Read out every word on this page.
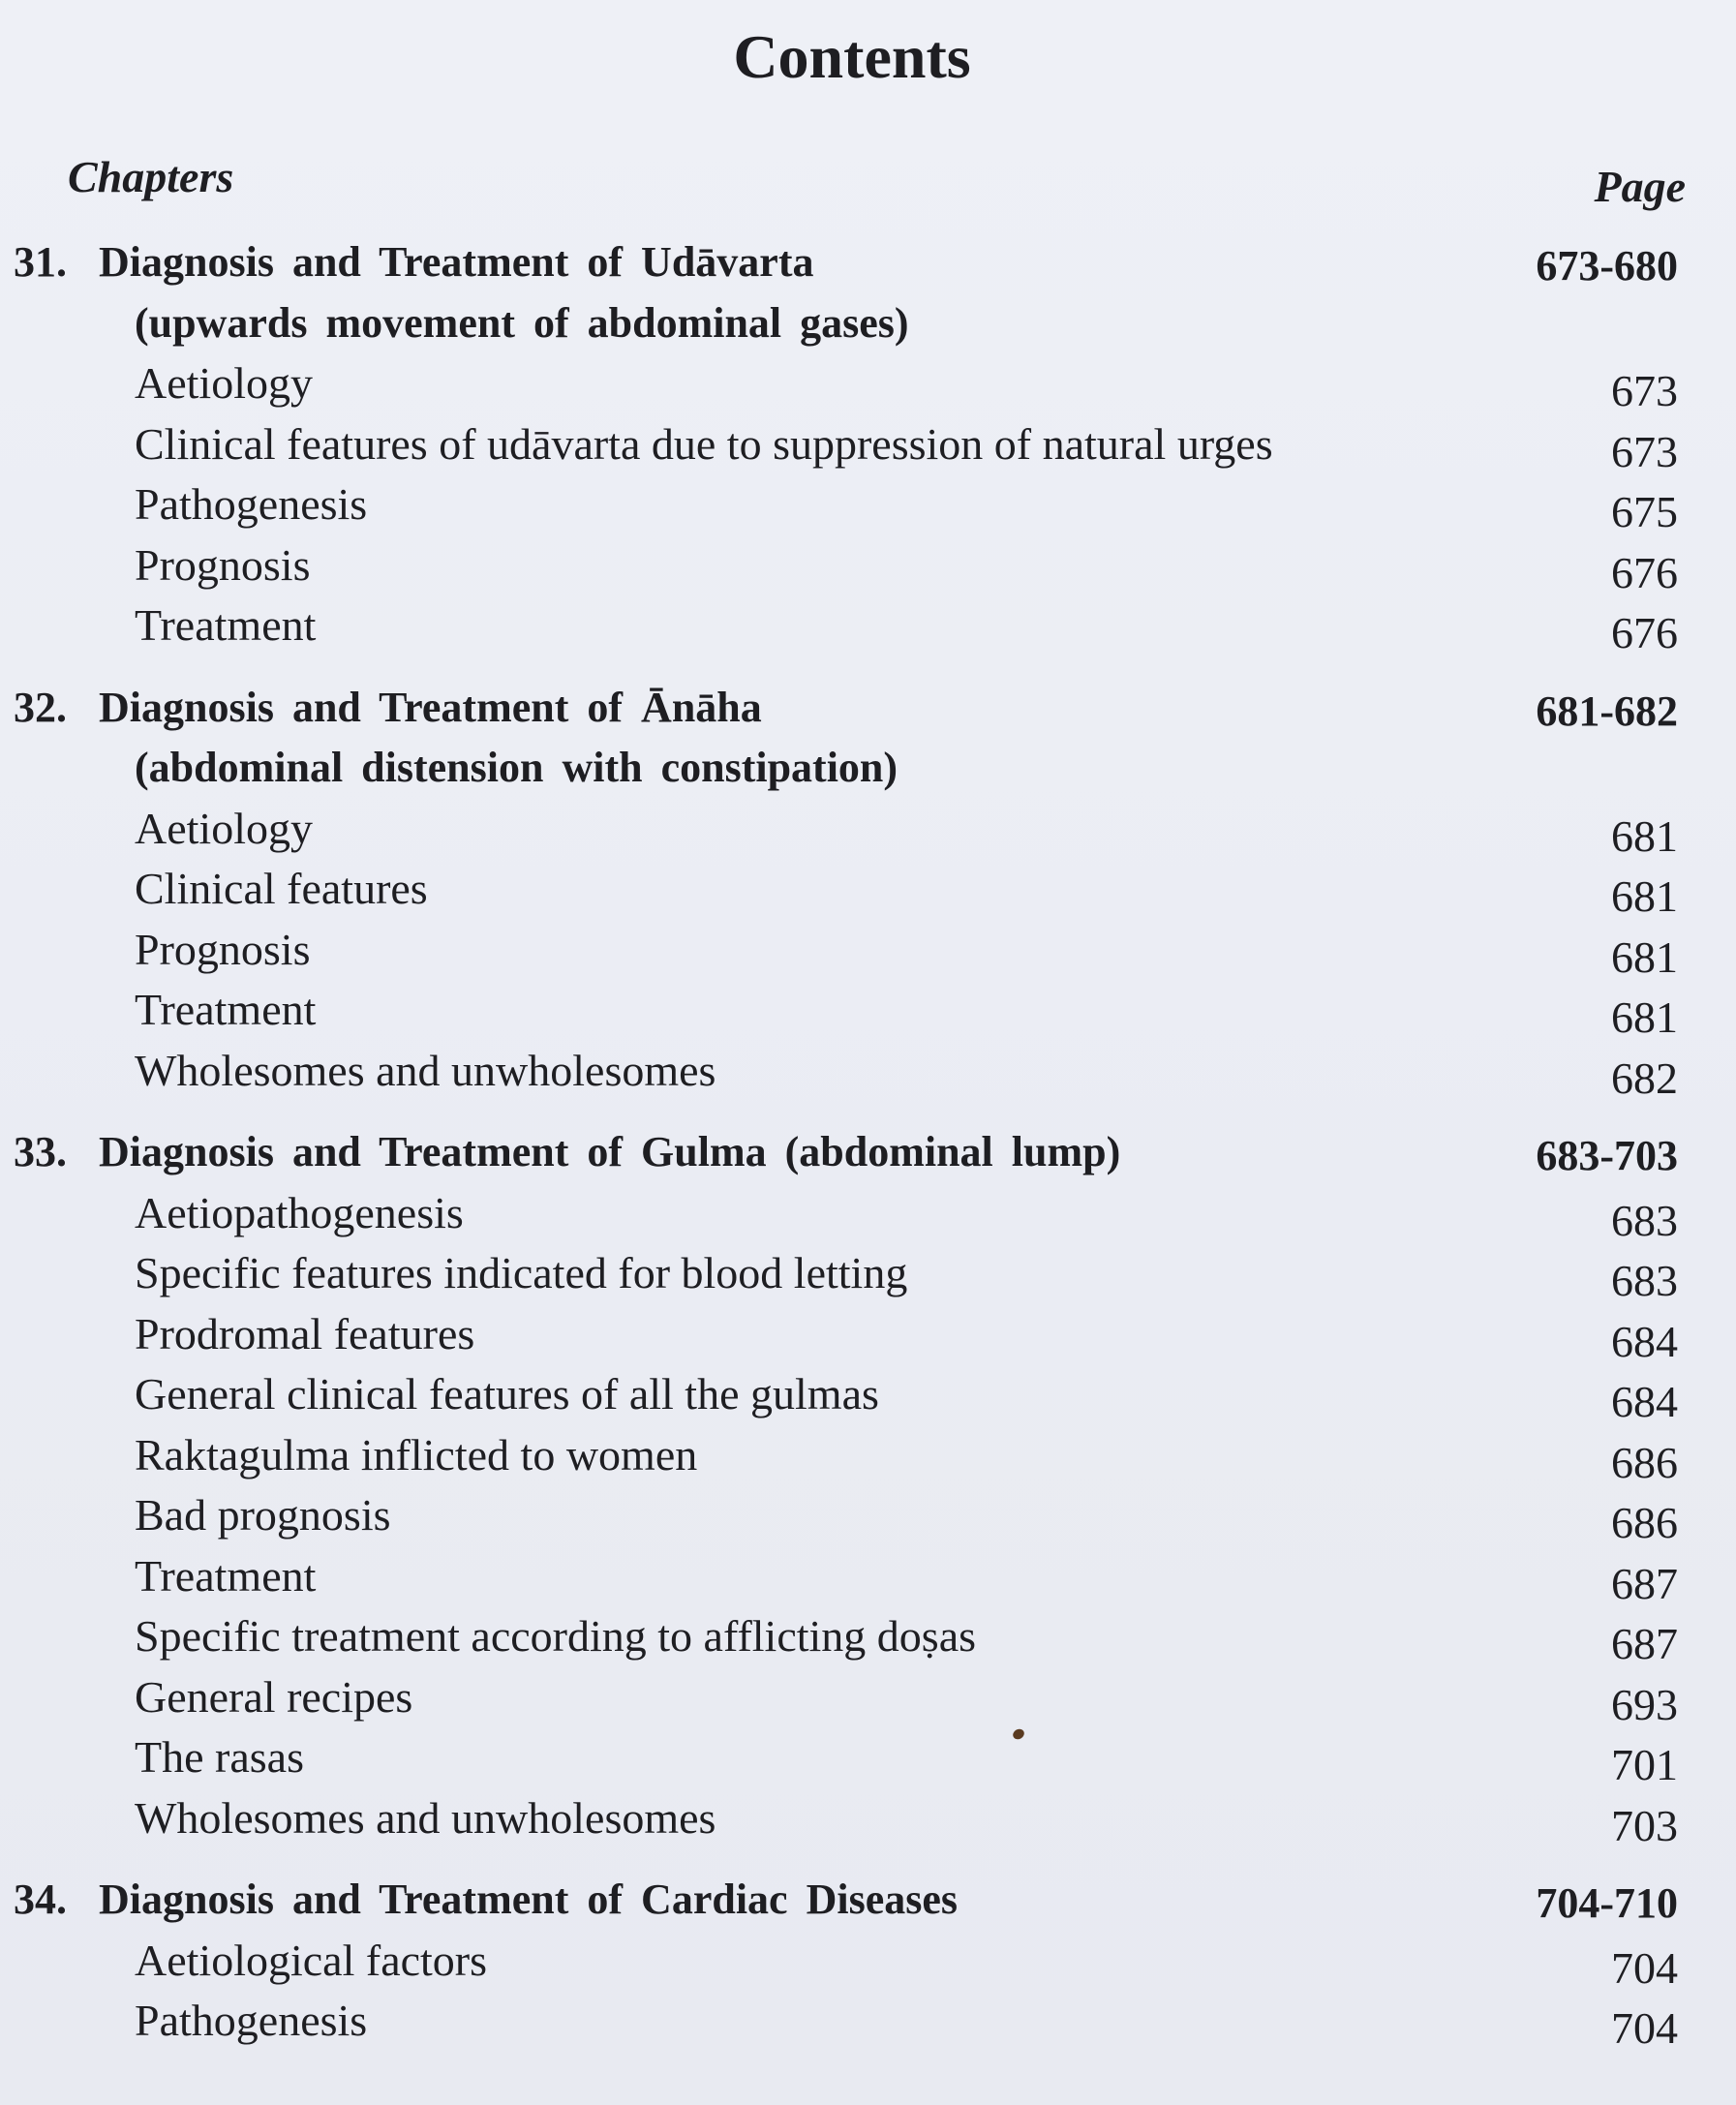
Contents
Chapters	Page
31. Diagnosis and Treatment of Udāvarta	673-680
(upwards movement of abdominal gases)
Aetiology	673
Clinical features of udāvarta due to suppression of natural urges	673
Pathogenesis	675
Prognosis	676
Treatment	676
32. Diagnosis and Treatment of Ānāha	681-682
(abdominal distension with constipation)
Aetiology	681
Clinical features	681
Prognosis	681
Treatment	681
Wholesomes and unwholesomes	682
33. Diagnosis and Treatment of Gulma (abdominal lump)	683-703
Aetiopathogenesis	683
Specific features indicated for blood letting	683
Prodromal features	684
General clinical features of all the gulmas	684
Raktagulma inflicted to women	686
Bad prognosis	686
Treatment	687
Specific treatment according to afflicting doṣas	687
General recipes	693
The rasas	701
Wholesomes and unwholesomes	703
34. Diagnosis and Treatment of Cardiac Diseases	704-710
Aetiological factors	704
Pathogenesis	704
